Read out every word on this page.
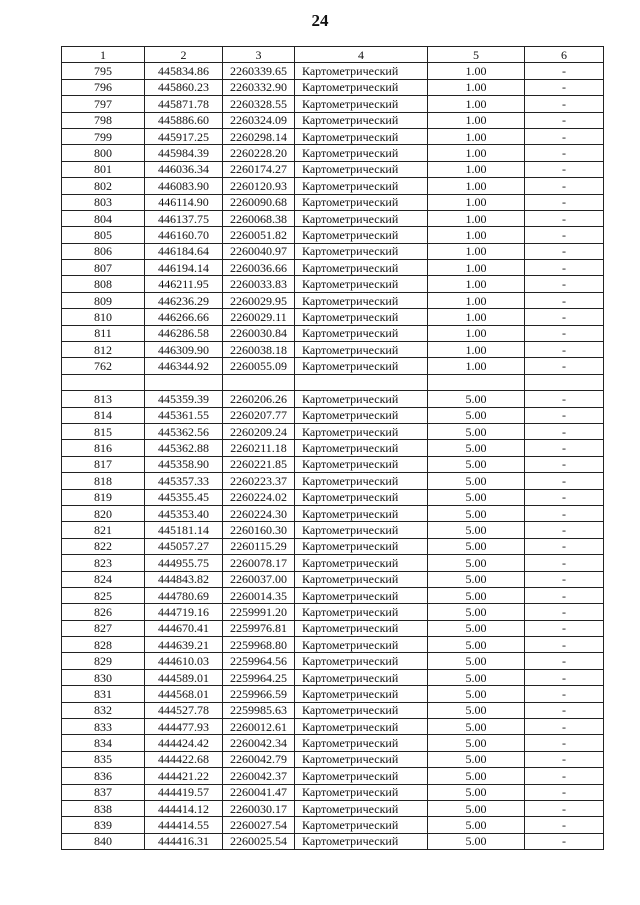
24
1	2	3	4	5	6
795	445834.86	2260339.65	Картометрический	1.00	-
796	445860.23	2260332.90	Картометрический	1.00	-
797	445871.78	2260328.55	Картометрический	1.00	-
798	445886.60	2260324.09	Картометрический	1.00	-
799	445917.25	2260298.14	Картометрический	1.00	-
800	445984.39	2260228.20	Картометрический	1.00	-
801	446036.34	2260174.27	Картометрический	1.00	-
802	446083.90	2260120.93	Картометрический	1.00	-
803	446114.90	2260090.68	Картометрический	1.00	-
804	446137.75	2260068.38	Картометрический	1.00	-
805	446160.70	2260051.82	Картометрический	1.00	-
806	446184.64	2260040.97	Картометрический	1.00	-
807	446194.14	2260036.66	Картометрический	1.00	-
808	446211.95	2260033.83	Картометрический	1.00	-
809	446236.29	2260029.95	Картометрический	1.00	-
810	446266.66	2260029.11	Картометрический	1.00	-
811	446286.58	2260030.84	Картометрический	1.00	-
812	446309.90	2260038.18	Картометрический	1.00	-
762	446344.92	2260055.09	Картометрический	1.00	-

813	445359.39	2260206.26	Картометрический	5.00	-
814	445361.55	2260207.77	Картометрический	5.00	-
815	445362.56	2260209.24	Картометрический	5.00	-
816	445362.88	2260211.18	Картометрический	5.00	-
817	445358.90	2260221.85	Картометрический	5.00	-
818	445357.33	2260223.37	Картометрический	5.00	-
819	445355.45	2260224.02	Картометрический	5.00	-
820	445353.40	2260224.30	Картометрический	5.00	-
821	445181.14	2260160.30	Картометрический	5.00	-
822	445057.27	2260115.29	Картометрический	5.00	-
823	444955.75	2260078.17	Картометрический	5.00	-
824	444843.82	2260037.00	Картометрический	5.00	-
825	444780.69	2260014.35	Картометрический	5.00	-
826	444719.16	2259991.20	Картометрический	5.00	-
827	444670.41	2259976.81	Картометрический	5.00	-
828	444639.21	2259968.80	Картометрический	5.00	-
829	444610.03	2259964.56	Картометрический	5.00	-
830	444589.01	2259964.25	Картометрический	5.00	-
831	444568.01	2259966.59	Картометрический	5.00	-
832	444527.78	2259985.63	Картометрический	5.00	-
833	444477.93	2260012.61	Картометрический	5.00	-
834	444424.42	2260042.34	Картометрический	5.00	-
835	444422.68	2260042.79	Картометрический	5.00	-
836	444421.22	2260042.37	Картометрический	5.00	-
837	444419.57	2260041.47	Картометрический	5.00	-
838	444414.12	2260030.17	Картометрический	5.00	-
839	444414.55	2260027.54	Картометрический	5.00	-
840	444416.31	2260025.54	Картометрический	5.00	-
